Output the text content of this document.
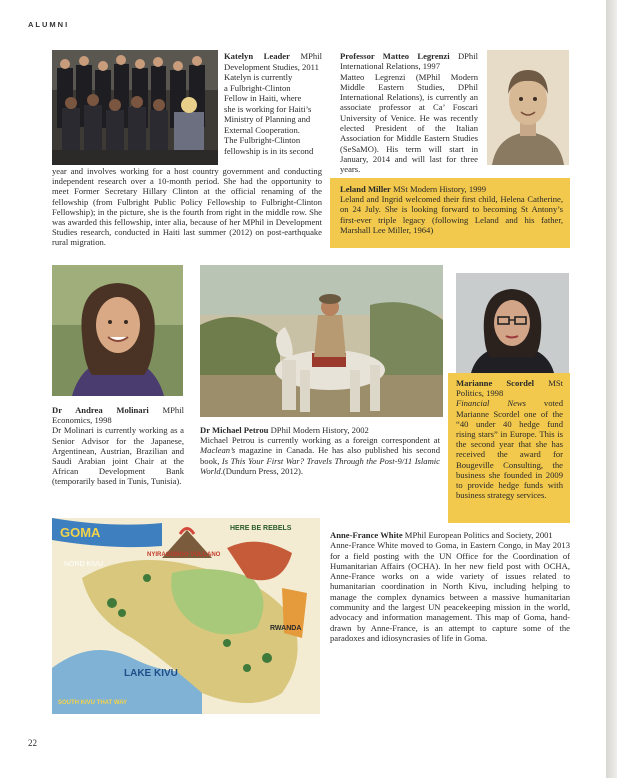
ALUMNI

Katelyn Leader MPhil Development Studies, 2011

Katelyn is currently

a Fulbright-Clinton

Fellow in Haiti, where

she is working for Haiti’s

Ministry of Planning and

External Cooperation.

The Fulbright-Clinton

fellowship is in its second

year and involves working for a host country government and conducting independent research over a 10-month period. She had the opportunity to meet Former Secretary Hillary Clinton at the official renaming of the fellowship (from Fulbright Public Policy Fellowship to Fulbright-Clinton Fellowship); in the picture, she is the fourth from right in the middle row. She was awarded this fellowship, inter alia, because of her MPhil in Development Studies research, conducted in Haiti last summer (2012) on post-earthquake rural migration.

Professor Matteo Legrenzi DPhil International Relations, 1997

Matteo Legrenzi (MPhil Modern Middle Eastern Studies, DPhil International Relations), is currently an associate professor at Ca’ Foscari University of Venice. He was recently elected President of the Italian Association for Middle Eastern Studies (SeSaMO). His term will start in January, 2014 and will last for three years.

Leland Miller MSt Modern History, 1999

Leland and Ingrid welcomed their first child, Helena Catherine, on 24 July. She is looking forward to becoming St Antony’s first-ever triple legacy (following Leland and his father, Marshall Lee Miller, 1964)

Dr Andrea Molinari MPhil Economics, 1998

Dr Molinari is currently working as a Senior Advisor for the Japanese, Argentinean, Austrian, Brazilian and Saudi Arabian joint Chair at the African Development Bank (temporarily based in Tunis, Tunisia).

Dr Michael Petrou DPhil Modern History, 2002

Michael Petrou is currently working as a foreign correspondent at Maclean’s magazine in Canada. He has also published his second book, Is This Your First War? Travels Through the Post-9/11 Islamic World.(Dundurn Press, 2012).

Marianne Scordel MSt Politics, 1998

Financial News voted Marianne Scordel one of the “40 under 40 hedge fund rising stars” in Europe. This is the second year that she has received the award for Bougeville Consulting, the business she founded in 2009 to provide hedge funds with business strategy services.

GOMA
NORD KIVU
NYIRAGONGO VOLCANO
HERE BE REBELS
LAKE KIVU
RWANDA
SOUTH KIVU THAT WAY

Anne-France White MPhil European Politics and Society, 2001

Anne-France White moved to Goma, in Eastern Congo, in May 2013 for a field posting with the UN Office for the Coordination of Humanitarian Affairs (OCHA). In her new field post with OCHA, Anne-France works on a wide variety of issues related to humanitarian coordination in North Kivu, including helping to manage the complex dynamics between a massive humanitarian community and the largest UN peacekeeping mission in the world, advocacy and information management. This map of Goma, hand-drawn by Anne-France, is an attempt to capture some of the paradoxes and idiosyncrasies of life in Goma.

22
